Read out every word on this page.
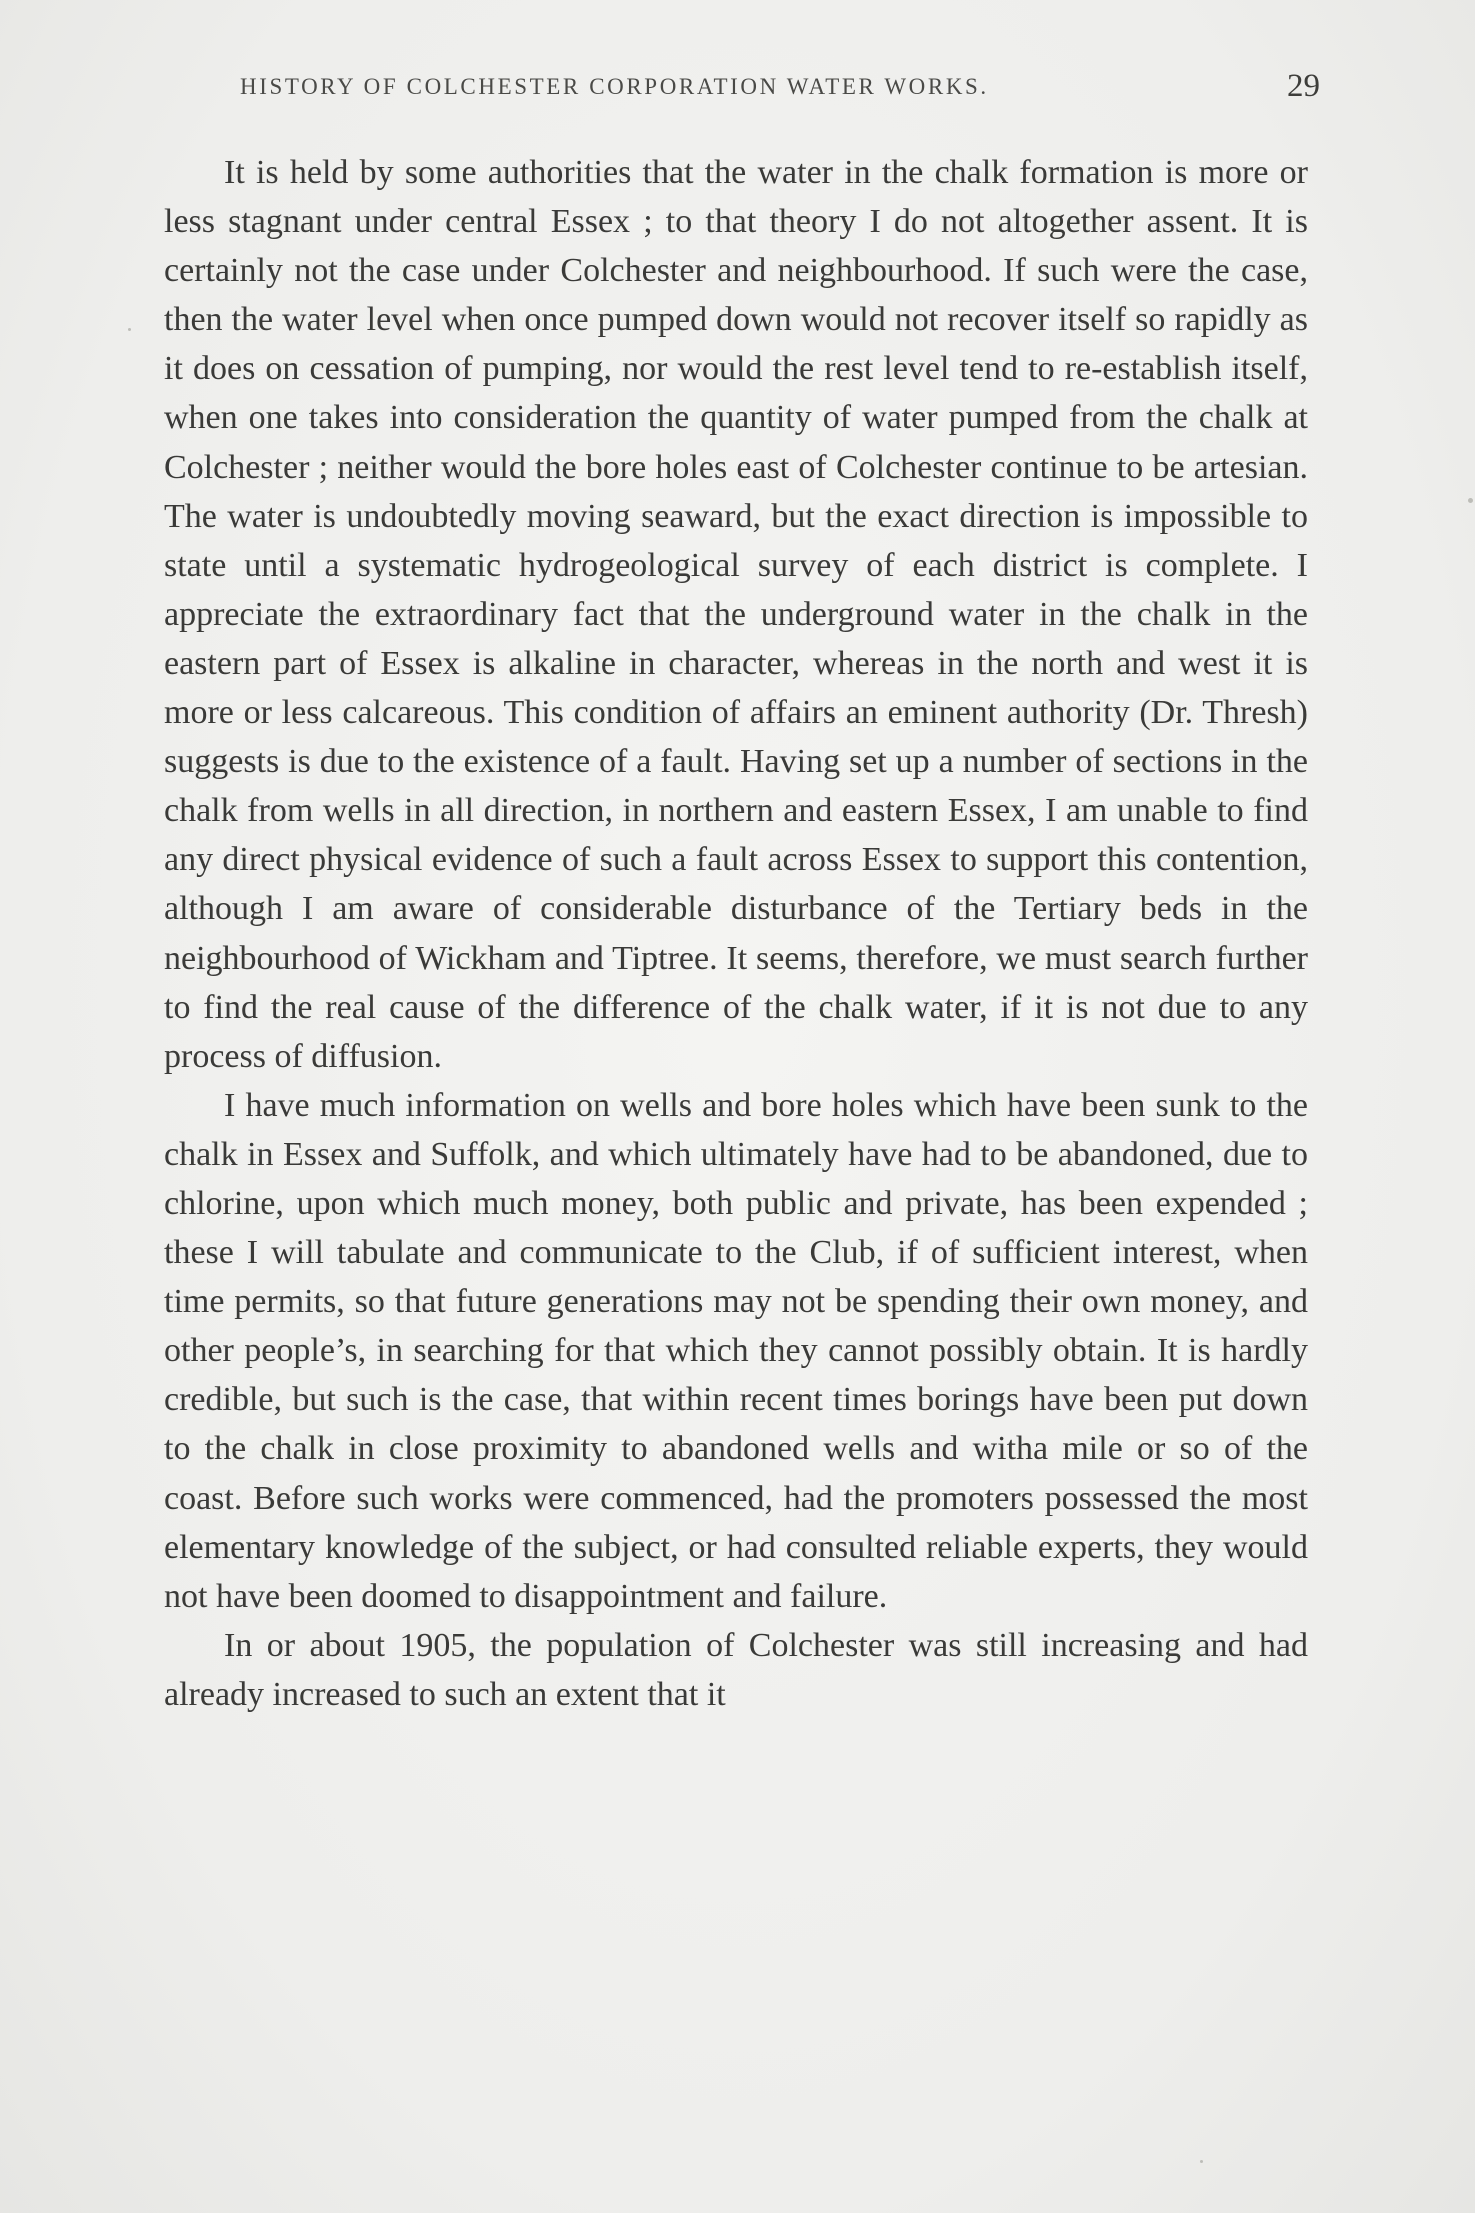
HISTORY OF COLCHESTER CORPORATION WATER WORKS.	29

It is held by some authorities that the water in the chalk formation is more or less stagnant under central Essex ; to that theory I do not altogether assent. It is certainly not the case under Colchester and neighbourhood. If such were the case, then the water level when once pumped down would not recover itself so rapidly as it does on cessation of pumping, nor would the rest level tend to re-establish itself, when one takes into consideration the quantity of water pumped from the chalk at Colchester ; neither would the bore holes east of Colchester continue to be artesian. The water is undoubtedly moving seaward, but the exact direction is impossible to state until a systematic hydrogeological survey of each district is complete. I appreciate the extraordinary fact that the underground water in the chalk in the eastern part of Essex is alkaline in character, whereas in the north and west it is more or less calcareous. This condition of affairs an eminent authority (Dr. Thresh) suggests is due to the existence of a fault. Having set up a number of sections in the chalk from wells in all direction, in northern and eastern Essex, I am unable to find any direct physical evidence of such a fault across Essex to support this contention, although I am aware of considerable disturbance of the Tertiary beds in the neighbourhood of Wickham and Tiptree. It seems, therefore, we must search further to find the real cause of the difference of the chalk water, if it is not due to any process of diffusion.

I have much information on wells and bore holes which have been sunk to the chalk in Essex and Suffolk, and which ultimately have had to be abandoned, due to chlorine, upon which much money, both public and private, has been expended ; these I will tabulate and communicate to the Club, if of sufficient interest, when time permits, so that future generations may not be spending their own money, and other people’s, in searching for that which they cannot possibly obtain. It is hardly credible, but such is the case, that within recent times borings have been put down to the chalk in close proximity to abandoned wells and witha mile or so of the coast. Before such works were commenced, had the promoters possessed the most elementary knowledge of the subject, or had consulted reliable experts, they would not have been doomed to disappointment and failure.

In or about 1905, the population of Colchester was still increasing and had already increased to such an extent that it
